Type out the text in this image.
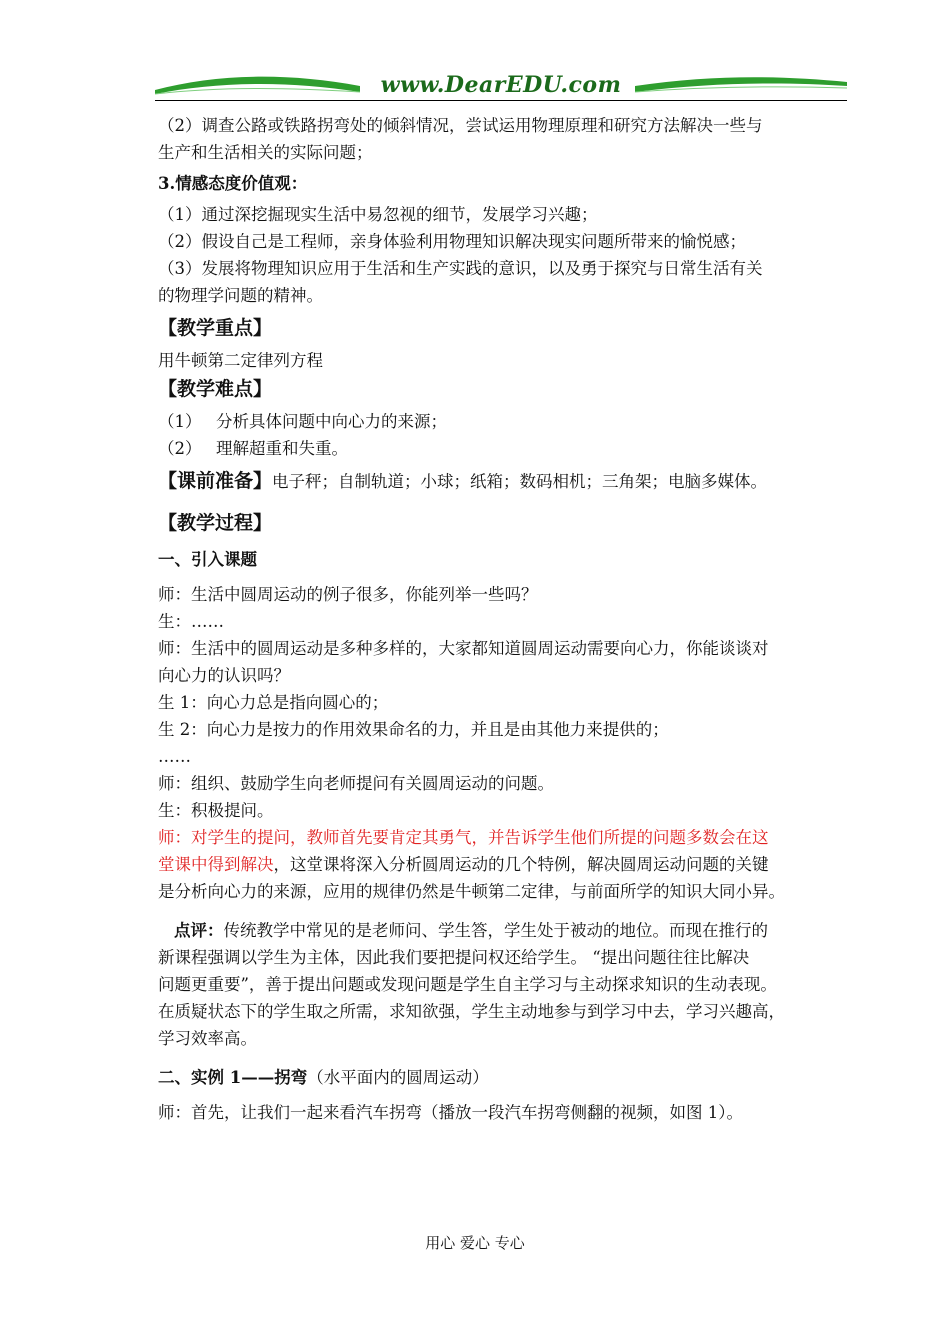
www.DearEDU.com

（2）调查公路或铁路拐弯处的倾斜情况，尝试运用物理原理和研究方法解决一些与

生产和生活相关的实际问题；

3.情感态度价值观：

（1）通过深挖掘现实生活中易忽视的细节，发展学习兴趣；

（2）假设自己是工程师，亲身体验利用物理知识解决现实问题所带来的愉悦感；

（3）发展将物理知识应用于生活和生产实践的意识，以及勇于探究与日常生活有关

的物理学问题的精神。

【教学重点】

用牛顿第二定律列方程

【教学难点】

（1） 分析具体问题中向心力的来源；

（2） 理解超重和失重。

【课前准备】电子秤；自制轨道；小球；纸箱；数码相机；三角架；电脑多媒体。

【教学过程】

一、引入课题

师：生活中圆周运动的例子很多，你能列举一些吗？

生：……

师：生活中的圆周运动是多种多样的，大家都知道圆周运动需要向心力，你能谈谈对

向心力的认识吗？

生 1：向心力总是指向圆心的；

生 2：向心力是按力的作用效果命名的力，并且是由其他力来提供的；

……

师：组织、鼓励学生向老师提问有关圆周运动的问题。

生：积极提问。

师：对学生的提问，教师首先要肯定其勇气，并告诉学生他们所提的问题多数会在这

堂课中得到解决，这堂课将深入分析圆周运动的几个特例，解决圆周运动问题的关键

是分析向心力的来源，应用的规律仍然是牛顿第二定律，与前面所学的知识大同小异。

点评：传统教学中常见的是老师问、学生答，学生处于被动的地位。而现在推行的

新课程强调以学生为主体，因此我们要把提问权还给学生。 “提出问题往往比解决

问题更重要”，善于提出问题或发现问题是学生自主学习与主动探求知识的生动表现。

在质疑状态下的学生取之所需，求知欲强，学生主动地参与到学习中去，学习兴趣高，

学习效率高。

二、实例 1——拐弯（水平面内的圆周运动）

师：首先，让我们一起来看汽车拐弯（播放一段汽车拐弯侧翻的视频，如图 1）。

用心 爱心 专心
